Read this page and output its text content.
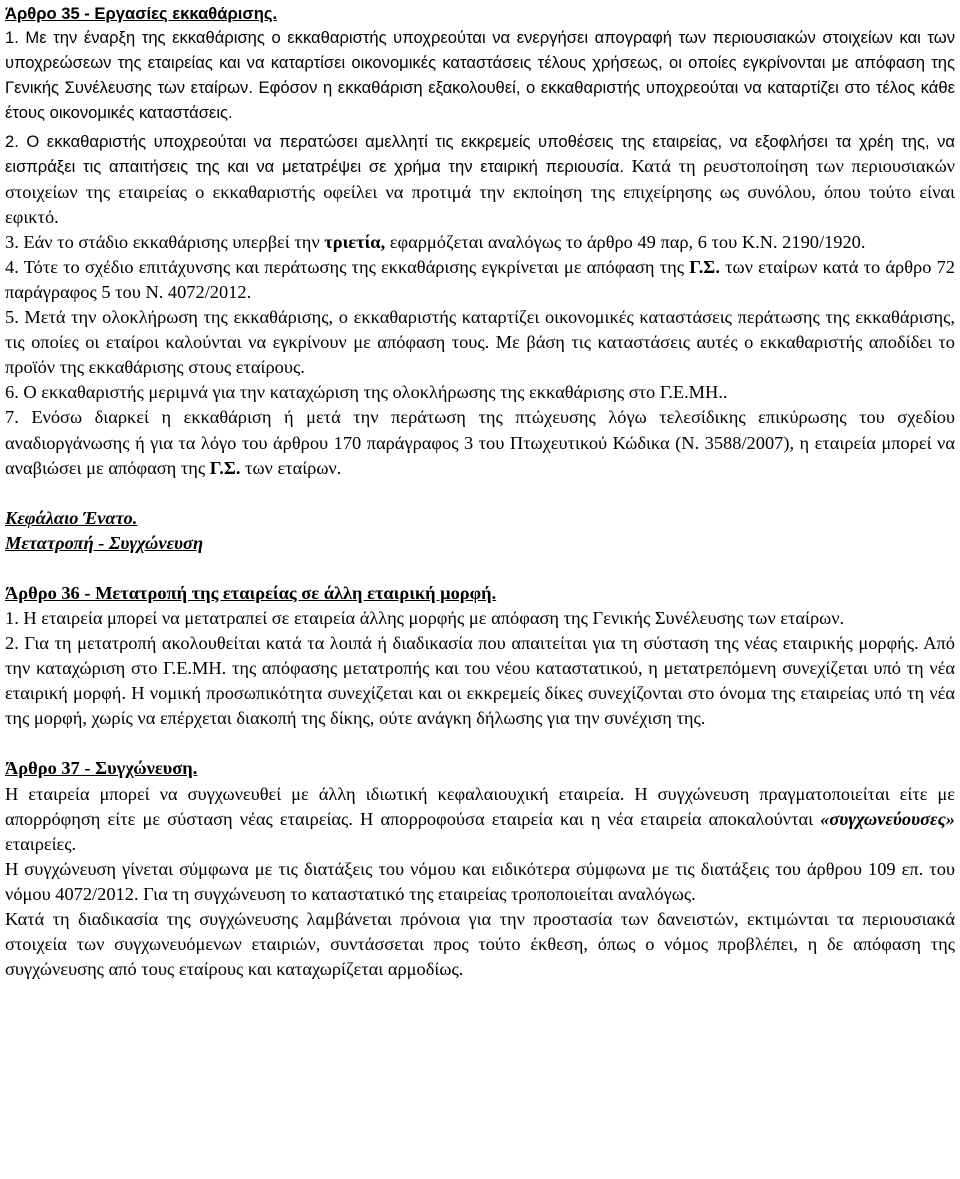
Άρθρο 35 - Εργασίες εκκαθάρισης.

1. Με την έναρξη της εκκαθάρισης ο εκκαθαριστής υποχρεούται να ενεργήσει απογραφή των περιουσιακών στοιχείων και των υποχρεώσεων της εταιρείας και να καταρτίσει οικονομικές καταστάσεις τέλους χρήσεως, οι οποίες εγκρίνονται με απόφαση της Γενικής Συνέλευσης των εταίρων. Εφόσον η εκκαθάριση εξακολουθεί, ο εκκαθαριστής υποχρεούται να καταρτίζει στο τέλος κάθε έτους οικονομικές καταστάσεις.

2. Ο εκκαθαριστής υποχρεούται να περατώσει αμελλητί τις εκκρεμείς υποθέσεις της εταιρείας, να εξοφλήσει τα χρέη της, να εισπράξει τις απαιτήσεις της και να μετατρέψει σε χρήμα την εταιρική περιουσία. Κατά τη ρευστοποίηση των περιουσιακών στοιχείων της εταιρείας ο εκκαθαριστής οφείλει να προτιμά την εκποίηση της επιχείρησης ως συνόλου, όπου τούτο είναι εφικτό.

3. Εάν το στάδιο εκκαθάρισης υπερβεί την τριετία, εφαρμόζεται αναλόγως το άρθρο 49 παρ, 6 του Κ.Ν. 2190/1920.

4. Τότε το σχέδιο επιτάχυνσης και περάτωσης της εκκαθάρισης εγκρίνεται με απόφαση της Γ.Σ. των εταίρων κατά το άρθρο 72 παράγραφος 5 του Ν. 4072/2012.

5. Μετά την ολοκλήρωση της εκκαθάρισης, ο εκκαθαριστής καταρτίζει οικονομικές καταστάσεις περάτωσης της εκκαθάρισης, τις οποίες οι εταίροι καλούνται να εγκρίνουν με απόφαση τους. Με βάση τις καταστάσεις αυτές ο εκκαθαριστής αποδίδει το προϊόν της εκκαθάρισης στους εταίρους.

6. Ο εκκαθαριστής μεριμνά για την καταχώριση της ολοκλήρωσης της εκκαθάρισης στο Γ.Ε.ΜΗ..

7. Ενόσω διαρκεί η εκκαθάριση ή μετά την περάτωση της πτώχευσης λόγω τελεσίδικης επικύρωσης του σχεδίου αναδιοργάνωσης ή για τα λόγο του άρθρου 170 παράγραφος 3 του Πτωχευτικού Κώδικα (Ν. 3588/2007), η εταιρεία μπορεί να αναβιώσει με απόφαση της Γ.Σ. των εταίρων.

Κεφάλαιο Ένατο.

Μετατροπή - Συγχώνευση

Άρθρο 36 - Μετατροπή της εταιρείας σε άλλη εταιρική μορφή.

1. Η εταιρεία μπορεί να μετατραπεί σε εταιρεία άλλης μορφής με απόφαση της Γενικής Συνέλευσης των εταίρων.

2. Για τη μετατροπή ακολουθείται κατά τα λοιπά ή διαδικασία που απαιτείται για τη σύσταση της νέας εταιρικής μορφής. Από την καταχώριση στο Γ.Ε.ΜΗ. της απόφασης μετατροπής και του νέου καταστατικού, η μετατρεπόμενη συνεχίζεται υπό τη νέα εταιρική μορφή. Η νομική προσωπικότητα συνεχίζεται και οι εκκρεμείς δίκες συνεχίζονται στο όνομα της εταιρείας υπό τη νέα της μορφή, χωρίς να επέρχεται διακοπή της δίκης, ούτε ανάγκη δήλωσης για την συνέχιση της.

Άρθρο 37 - Συγχώνευση.

Η εταιρεία μπορεί να συγχωνευθεί με άλλη ιδιωτική κεφαλαιουχική εταιρεία. Η συγχώνευση πραγματοποιείται είτε με απορρόφηση είτε με σύσταση νέας εταιρείας. Η απορροφούσα εταιρεία και η νέα εταιρεία αποκαλούνται «συγχωνεύουσες» εταιρείες.

Η συγχώνευση γίνεται σύμφωνα με τις διατάξεις του νόμου και ειδικότερα σύμφωνα με τις διατάξεις του άρθρου 109 επ. του νόμου 4072/2012. Για τη συγχώνευση το καταστατικό της εταιρείας τροποποιείται αναλόγως.

Κατά τη διαδικασία της συγχώνευσης λαμβάνεται πρόνοια για την προστασία των δανειστών, εκτιμώνται τα περιουσιακά στοιχεία των συγχωνευόμενων εταιριών, συντάσσεται προς τούτο έκθεση, όπως ο νόμος προβλέπει, η δε απόφαση της συγχώνευσης από τους εταίρους και καταχωρίζεται αρμοδίως.
